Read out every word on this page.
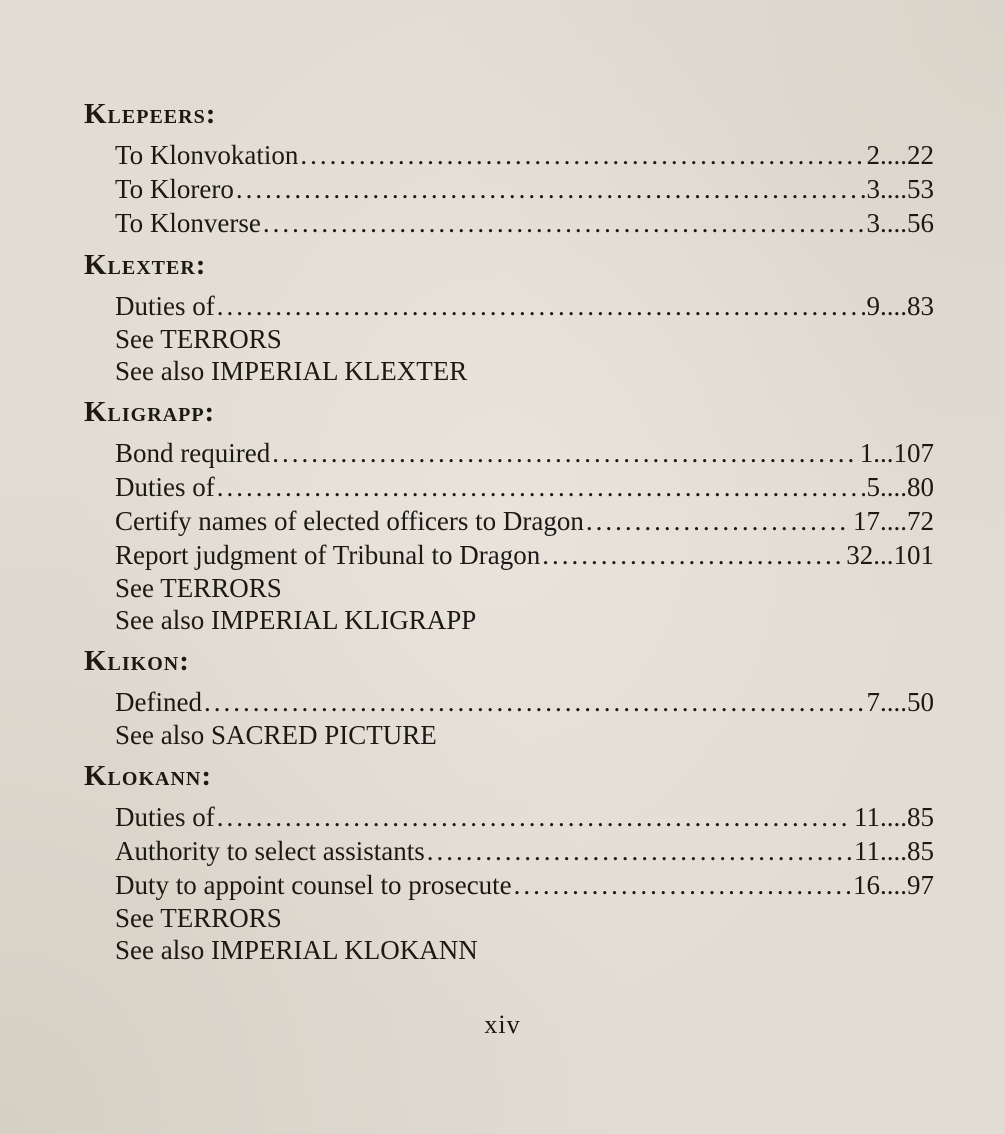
Klepeers:
To Klonvokation .....	2....22
To Klorero .....	3....53
To Klonverse .....	3....56
Klexter:
Duties of .....	9....83
See TERRORS
See also IMPERIAL KLEXTER
Kligrapp:
Bond required .....	1...107
Duties of .....	5....80
Certify names of elected officers to Dragon .....	17....72
Report judgment of Tribunal to Dragon .....	32...101
See TERRORS
See also IMPERIAL KLIGRAPP
Klikon:
Defined .....	7....50
See also SACRED PICTURE
Klokann:
Duties of .....	11....85
Authority to select assistants .....	11....85
Duty to appoint counsel to prosecute .....	16....97
See TERRORS
See also IMPERIAL KLOKANN
xiv
